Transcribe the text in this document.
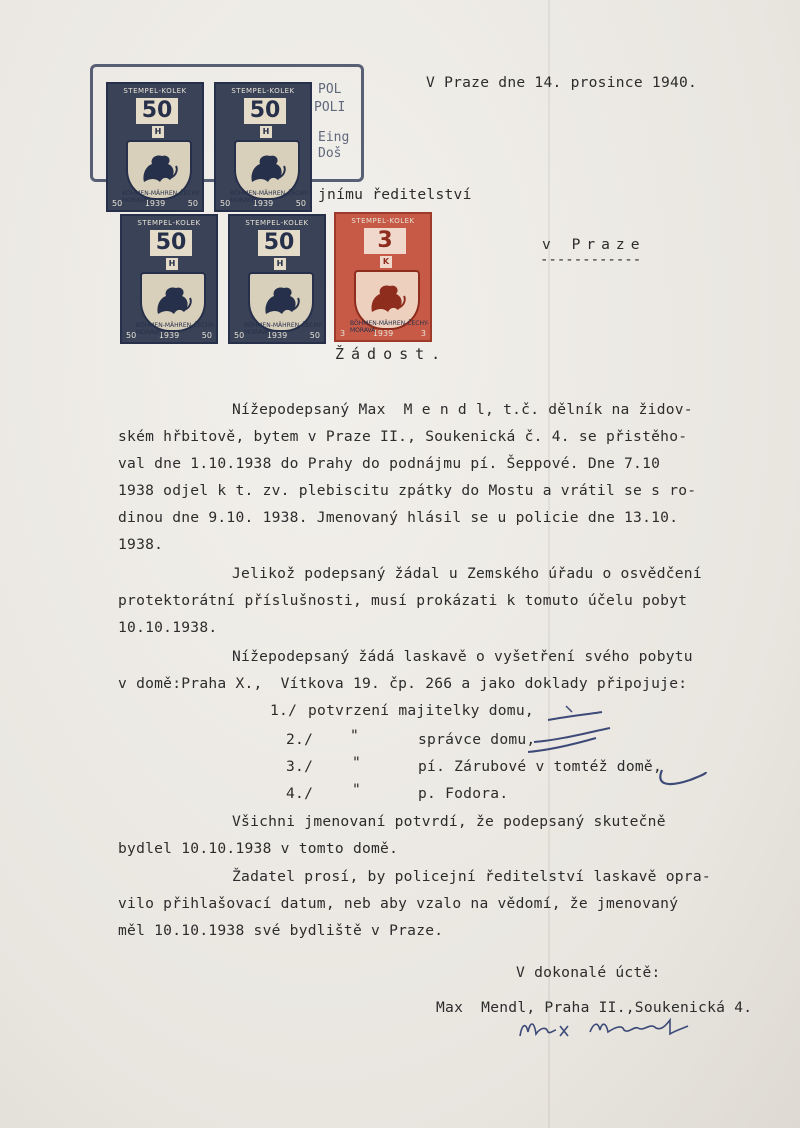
V Praze dne 14. prosince 1940.
POL
POLI
Eing
Doš
STEMPEL-KOLEK
50
H
50	1939	50
BÖHMEN-MÄHREN-ČECHY-MORAVA
STEMPEL-KOLEK
50
H
50	1939	50
BÖHMEN-MÄHREN-ČECHY-MORAVA
STEMPEL-KOLEK
50
H
50	1939	50
BÖHMEN-MÄHREN-ČECHY-MORAVA
STEMPEL-KOLEK
50
H
50	1939	50
BÖHMEN-MÄHREN-ČECHY-MORAVA
STEMPEL-KOLEK
3
K
3	1939	3
BÖHMEN-MÄHREN-ČECHY-MORAVA
jnímu ředitelství
v Praze
------------
Žádost.
Nížepodepsaný Max  M e n d l, t.č. dělník na židov-
ském hřbitově, bytem v Praze II., Soukenická č. 4. se přistěho-
val dne 1.10.1938 do Prahy do podnájmu pí. Šeppové. Dne 7.10
1938 odjel k t. zv. plebiscitu zpátky do Mostu a vrátil se s ro-
dinou dne 9.10. 1938. Jmenovaný hlásil se u policie dne 13.10.
1938.
Jelikož podepsaný žádal u Zemského úřadu o osvědčení
protektorátní příslušnosti, musí prokázati k tomuto účelu pobyt
10.10.1938.
Nížepodepsaný žádá laskavě o vyšetření svého pobytu
v domě:Praha X.,  Vítkova 19. čp. 266 a jako doklady připojuje:
1./ potvrzení majitelky domu,
2./	"	správce domu,
3./	"	pí. Zárubové v tomtéž domě,
4./	"	p. Fodora.
Všichni jmenovaní potvrdí, že podepsaný skutečně
bydlel 10.10.1938 v tomto domě.
Žadatel prosí, by policejní ředitelství laskavě opra-
vilo přihlašovací datum, neb aby vzalo na vědomí, že jmenovaný
měl 10.10.1938 své bydliště v Praze.
V dokonalé úctě:
Max  Mendl, Praha II.,Soukenická 4.
